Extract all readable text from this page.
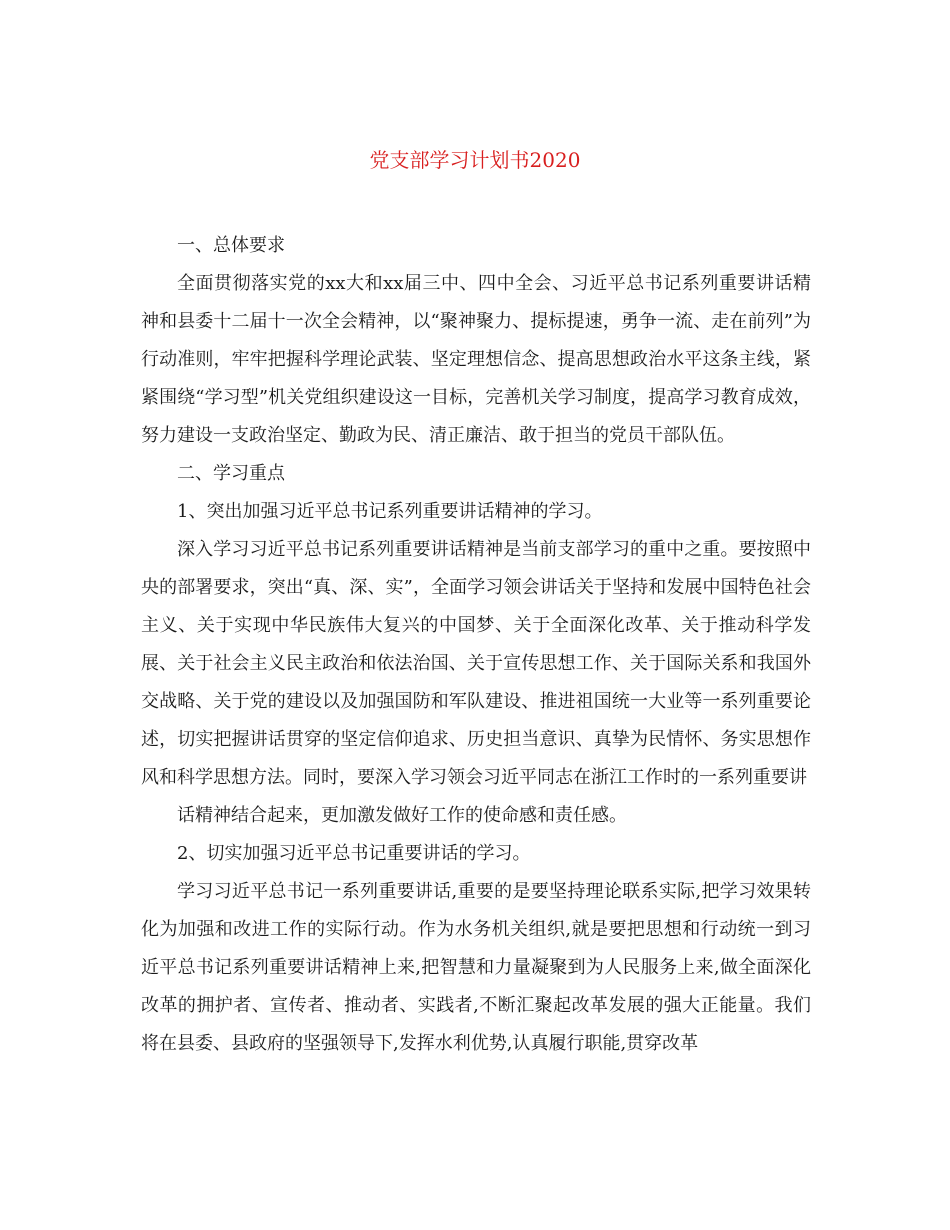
党支部学习计划书2020

一、总体要求

全面贯彻落实党的xx大和xx届三中、四中全会、习近平总书记系列重要讲话精神和县委十二届十一次全会精神，以“聚神聚力、提标提速，勇争一流、走在前列”为行动准则，牢牢把握科学理论武装、坚定理想信念、提高思想政治水平这条主线，紧紧围绕“学习型”机关党组织建设这一目标，完善机关学习制度，提高学习教育成效，努力建设一支政治坚定、勤政为民、清正廉洁、敢于担当的党员干部队伍。

二、学习重点

1、突出加强习近平总书记系列重要讲话精神的学习。

深入学习习近平总书记系列重要讲话精神是当前支部学习的重中之重。要按照中央的部署要求，突出“真、深、实”，全面学习领会讲话关于坚持和发展中国特色社会主义、关于实现中华民族伟大复兴的中国梦、关于全面深化改革、关于推动科学发展、关于社会主义民主政治和依法治国、关于宣传思想工作、关于国际关系和我国外交战略、关于党的建设以及加强国防和军队建设、推进祖国统一大业等一系列重要论述，切实把握讲话贯穿的坚定信仰追求、历史担当意识、真挚为民情怀、务实思想作风和科学思想方法。同时，要深入学习领会习近平同志在浙江工作时的一系列重要讲

话精神结合起来，更加激发做好工作的使命感和责任感。

2、切实加强习近平总书记重要讲话的学习。

学习习近平总书记一系列重要讲话,重要的是要坚持理论联系实际,把学习效果转化为加强和改进工作的实际行动。作为水务机关组织,就是要把思想和行动统一到习近平总书记系列重要讲话精神上来,把智慧和力量凝聚到为人民服务上来,做全面深化改革的拥护者、宣传者、推动者、实践者,不断汇聚起改革发展的强大正能量。我们将在县委、县政府的坚强领导下,发挥水利优势,认真履行职能,贯穿改革
